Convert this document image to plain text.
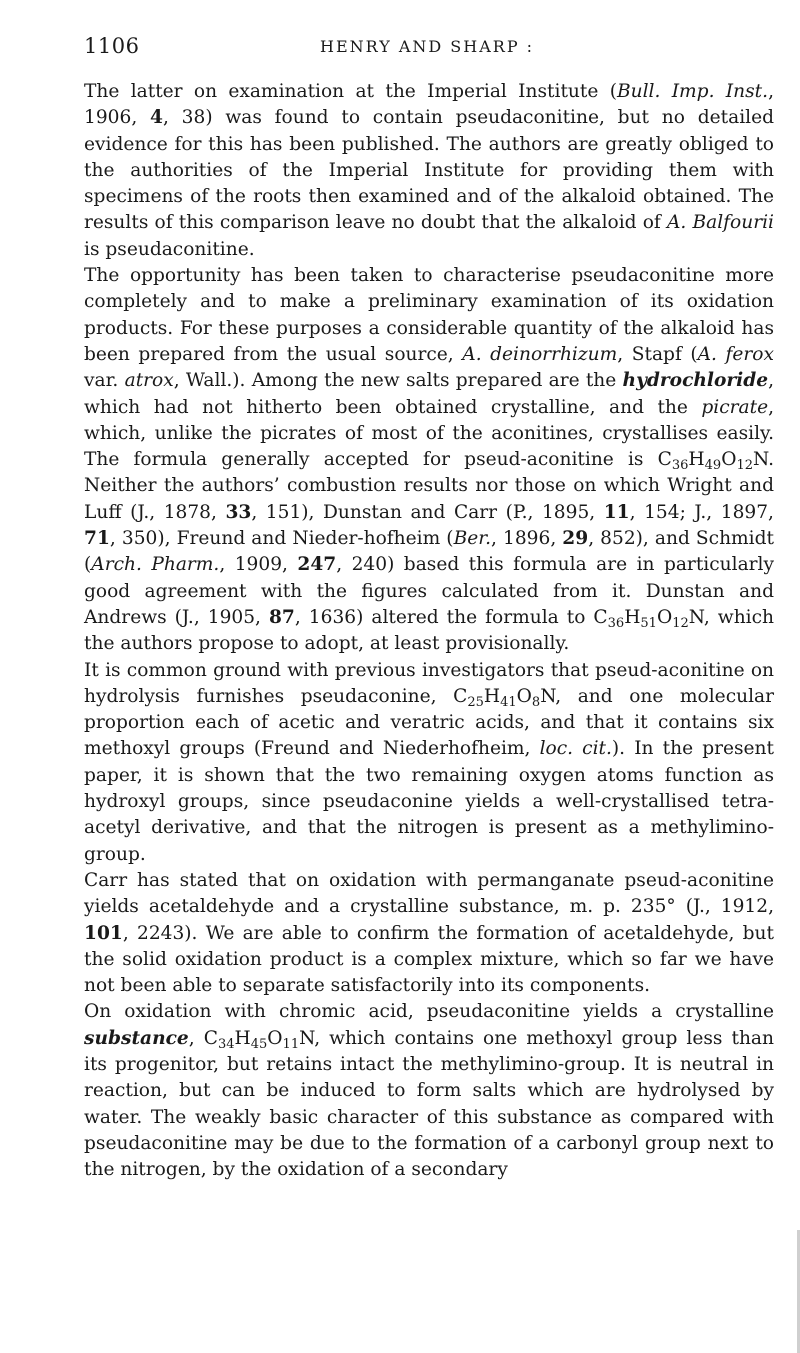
1106	HENRY AND SHARP :

The latter on examination at the Imperial Institute (Bull. Imp. Inst., 1906, 4, 38) was found to contain pseudaconitine, but no detailed evidence for this has been published. The authors are greatly obliged to the authorities of the Imperial Institute for providing them with specimens of the roots then examined and of the alkaloid obtained. The results of this comparison leave no doubt that the alkaloid of A. Balfourii is pseudaconitine.

The opportunity has been taken to characterise pseudaconitine more completely and to make a preliminary examination of its oxidation products. For these purposes a considerable quantity of the alkaloid has been prepared from the usual source, A. deinorrhizum, Stapf (A. ferox var. atrox, Wall.). Among the new salts prepared are the hydrochloride, which had not hitherto been obtained crystalline, and the picrate, which, unlike the picrates of most of the aconitines, crystallises easily. The formula generally accepted for pseud-aconitine is $C_{36}H_{49}O_{12}N$. Neither the authors’ combustion results nor those on which Wright and Luff (J., 1878, 33, 151), Dunstan and Carr (P., 1895, 11, 154; J., 1897, 71, 350), Freund and Nieder-hofheim (Ber., 1896, 29, 852), and Schmidt (Arch. Pharm., 1909, 247, 240) based this formula are in particularly good agreement with the figures calculated from it. Dunstan and Andrews (J., 1905, 87, 1636) altered the formula to $C_{36}H_{51}O_{12}N$, which the authors propose to adopt, at least provisionally.

It is common ground with previous investigators that pseud-aconitine on hydrolysis furnishes pseudaconine, $C_{25}H_{41}O_8N$, and one molecular proportion each of acetic and veratric acids, and that it contains six methoxyl groups (Freund and Niederhofheim, loc. cit.). In the present paper, it is shown that the two remaining oxygen atoms function as hydroxyl groups, since pseudaconine yields a well-crystallised tetra-acetyl derivative, and that the nitrogen is present as a methylimino-group.

Carr has stated that on oxidation with permanganate pseud-aconitine yields acetaldehyde and a crystalline substance, m. p. 235° (J., 1912, 101, 2243). We are able to confirm the formation of acetaldehyde, but the solid oxidation product is a complex mixture, which so far we have not been able to separate satisfactorily into its components.

On oxidation with chromic acid, pseudaconitine yields a crystalline substance, $C_{34}H_{45}O_{11}N$, which contains one methoxyl group less than its progenitor, but retains intact the methylimino-group. It is neutral in reaction, but can be induced to form salts which are hydrolysed by water. The weakly basic character of this substance as compared with pseudaconitine may be due to the formation of a carbonyl group next to the nitrogen, by the oxidation of a secondary
